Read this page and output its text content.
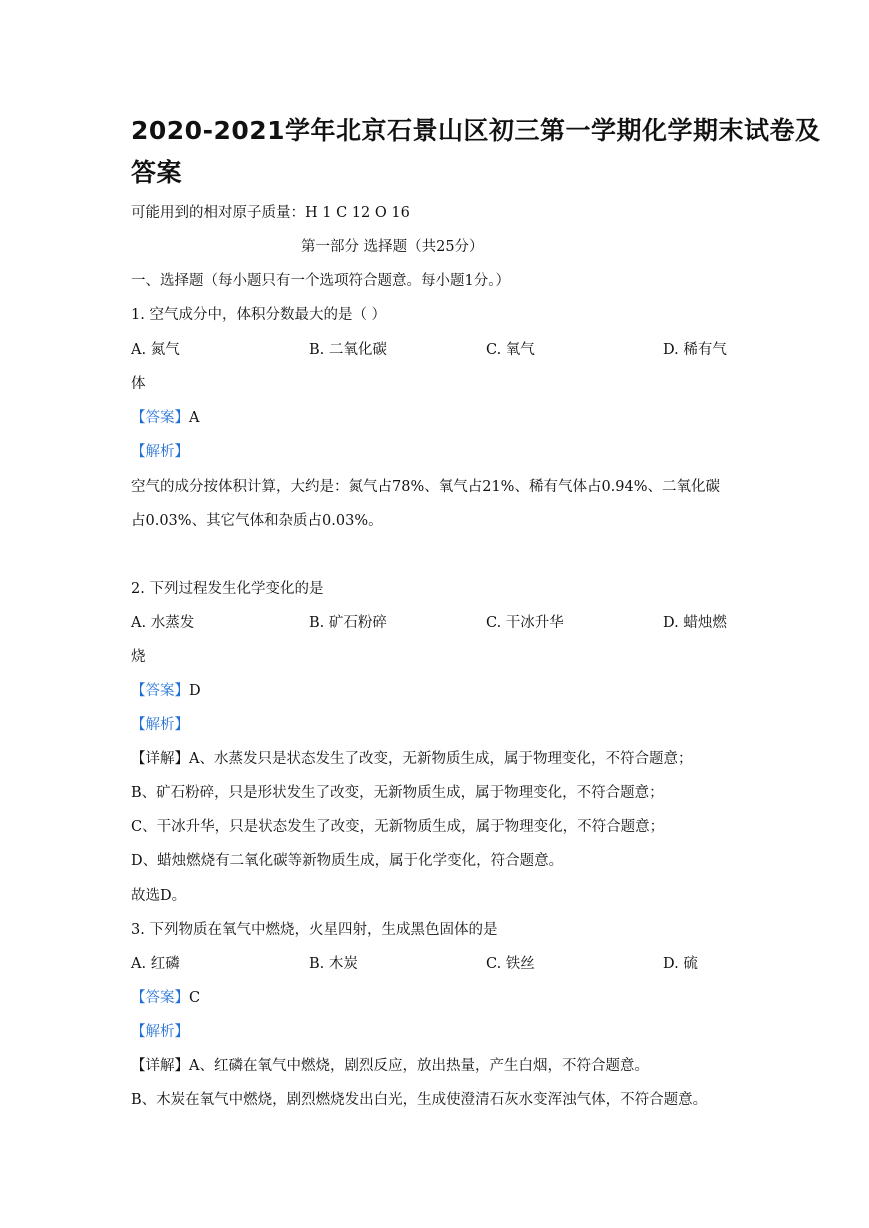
2020-2021学年北京石景山区初三第一学期化学期末试卷及
答案
可能用到的相对原子质量：H 1 C 12 O 16
第一部分 选择题（共25分）
一、选择题（每小题只有一个选项符合题意。每小题1分。）
1. 空气成分中，体积分数最大的是（ ）
A. 氮气	B. 二氧化碳	C. 氧气	D. 稀有气
体
【答案】A
【解析】
空气的成分按体积计算，大约是：氮气占78%、氧气占21%、稀有气体占0.94%、二氧化碳
占0.03%、其它气体和杂质占0.03%。
2. 下列过程发生化学变化的是
A. 水蒸发	B. 矿石粉碎	C. 干冰升华	D. 蜡烛燃
烧
【答案】D
【解析】
【详解】A、水蒸发只是状态发生了改变，无新物质生成，属于物理变化，不符合题意；
B、矿石粉碎，只是形状发生了改变，无新物质生成，属于物理变化，不符合题意；
C、干冰升华，只是状态发生了改变，无新物质生成，属于物理变化，不符合题意；
D、蜡烛燃烧有二氧化碳等新物质生成，属于化学变化，符合题意。
故选D。
3. 下列物质在氧气中燃烧，火星四射，生成黑色固体的是
A. 红磷	B. 木炭	C. 铁丝	D. 硫
【答案】C
【解析】
【详解】A、红磷在氧气中燃烧，剧烈反应，放出热量，产生白烟，不符合题意。
B、木炭在氧气中燃烧，剧烈燃烧发出白光，生成使澄清石灰水变浑浊气体，不符合题意。
